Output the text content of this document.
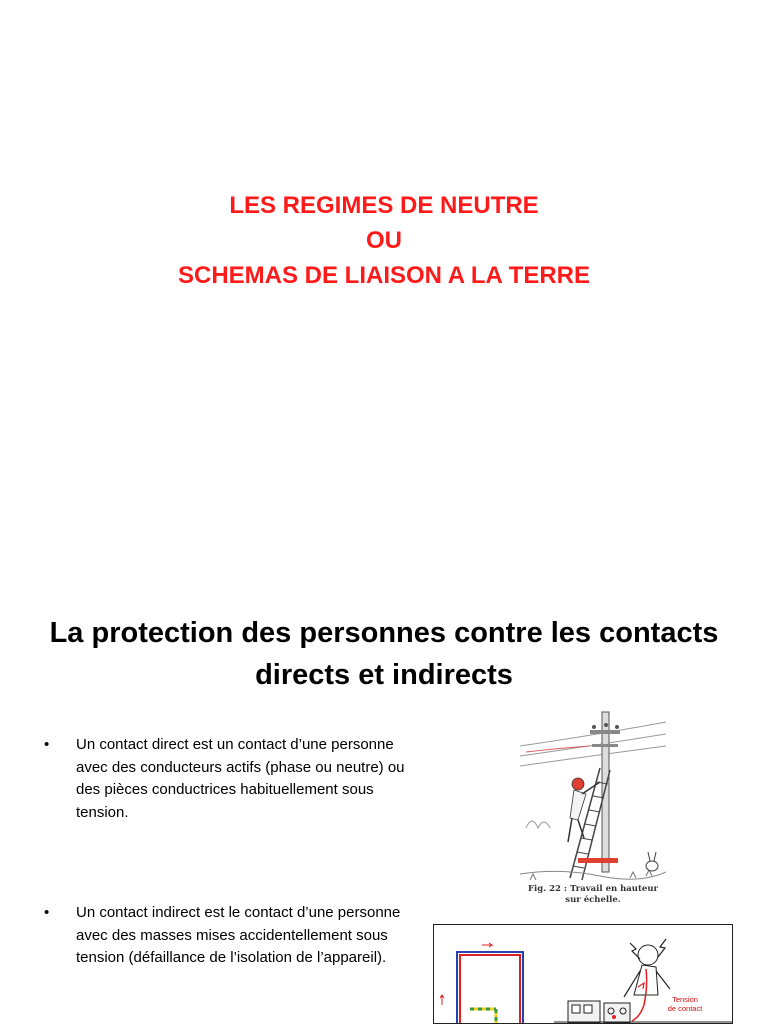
LES REGIMES DE NEUTRE
OU
SCHEMAS DE LIAISON A LA TERRE
La protection des personnes contre les contacts
directs et indirects
• Un contact direct est un contact d’une personne avec des conducteurs actifs (phase ou neutre) ou des pièces conductrices habituellement sous tension.
• Un contact indirect est le contact d’une personne avec des masses mises accidentellement sous tension (défaillance de l’isolation de l’appareil).
Fig. 22 : Travail en hauteur
sur échelle.
Tension
de contact
